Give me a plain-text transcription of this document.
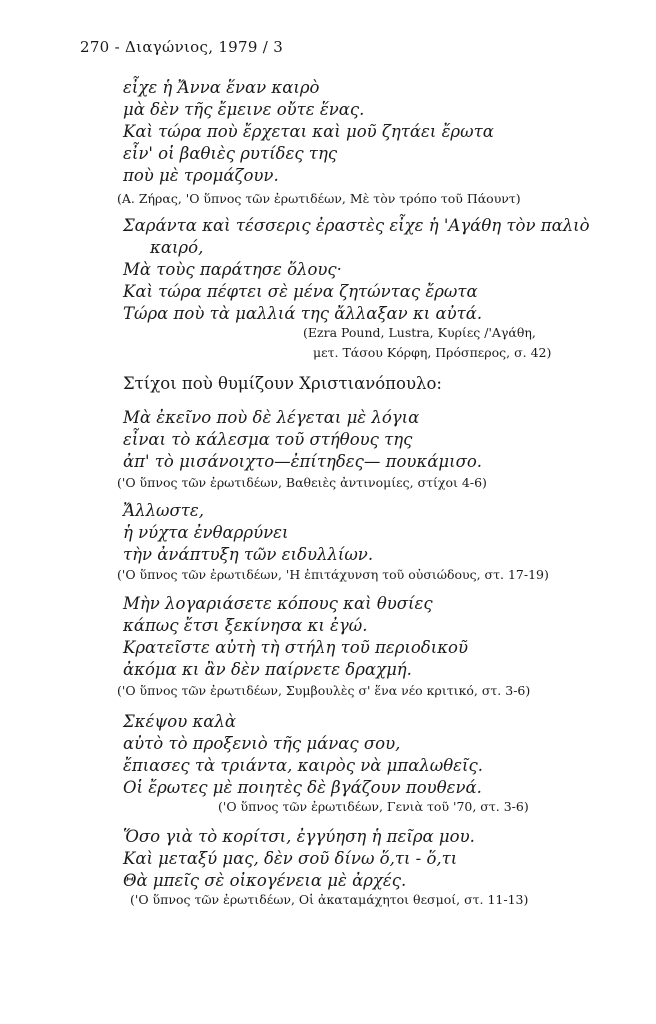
270 - Διαγώνιος, 1979 / 3
εἶχε ἡ Ἄννα ἕναν καιρὸ
μὰ δὲν τῆς ἔμεινε οὔτε ἕνας.
Καὶ τώρα ποὺ ἔρχεται καὶ μοῦ ζητάει ἔρωτα
εἶν' οἱ βαθιὲς ρυτίδες της
ποὺ μὲ τρομάζουν.
(Α. Ζήρας, 'Ο ὕπνος τῶν ἐρωτιδέων, Μὲ τὸν τρόπο τοῦ Πάουντ)
Σαράντα καὶ τέσσερις ἐραστὲς εἶχε ἡ 'Αγάθη τὸν παλιὸ
καιρό,
Μὰ τοὺς παράτησε ὅλους·
Καὶ τώρα πέφτει σὲ μένα ζητώντας ἔρωτα
Τώρα ποὺ τὰ μαλλιά της ἄλλαξαν κι αὐτά.
(Ezra Pound, Lustra, Κυρίες /'Αγάθη,
μετ. Τάσου Κόρφη, Πρόσπερος, σ. 42)
Στίχοι ποὺ θυμίζουν Χριστιανόπουλο:
Μὰ ἐκεῖνο ποὺ δὲ λέγεται μὲ λόγια
εἶναι τὸ κάλεσμα τοῦ στήθους της
ἀπ' τὸ μισάνοιχτο—ἐπίτηδες— πουκάμισο.
('Ο ὕπνος τῶν ἐρωτιδέων, Βαθειὲς ἀντινομίες, στίχοι 4-6)
Ἄλλωστε,
ἡ νύχτα ἐνθαρρύνει
τὴν ἀνάπτυξη τῶν ειδυλλίων.
('Ο ὕπνος τῶν ἐρωτιδέων, 'Η ἐπιτάχυνση τοῦ οὐσιώδους, στ. 17-19)
Μὴν λογαριάσετε κόπους καὶ θυσίες
κάπως ἔτσι ξεκίνησα κι ἐγώ.
Κρατεῖστε αὐτὴ τὴ στήλη τοῦ περιοδικοῦ
ἀκόμα κι ἂν δὲν παίρνετε δραχμή.
('Ο ὕπνος τῶν ἐρωτιδέων, Συμβουλὲς σ' ἕνα νέο κριτικό, στ. 3-6)
Σκέψου καλὰ
αὐτὸ τὸ προξενιὸ τῆς μάνας σου,
ἔπιασες τὰ τριάντα, καιρὸς νὰ μπαλωθεῖς.
Οἱ ἔρωτες μὲ ποιητὲς δὲ βγάζουν πουθενά.
('Ο ὕπνος τῶν ἐρωτιδέων, Γενιὰ τοῦ '70, στ. 3-6)
Ὅσο γιὰ τὸ κορίτσι, ἐγγύηση ἡ πεῖρα μου.
Καὶ μεταξύ μας, δὲν σοῦ δίνω ὅ,τι - ὅ,τι
Θὰ μπεῖς σὲ οἰκογένεια μὲ ἀρχές.
('Ο ὕπνος τῶν ἐρωτιδέων, Οἱ ἀκαταμάχητοι θεσμοί, στ. 11-13)
